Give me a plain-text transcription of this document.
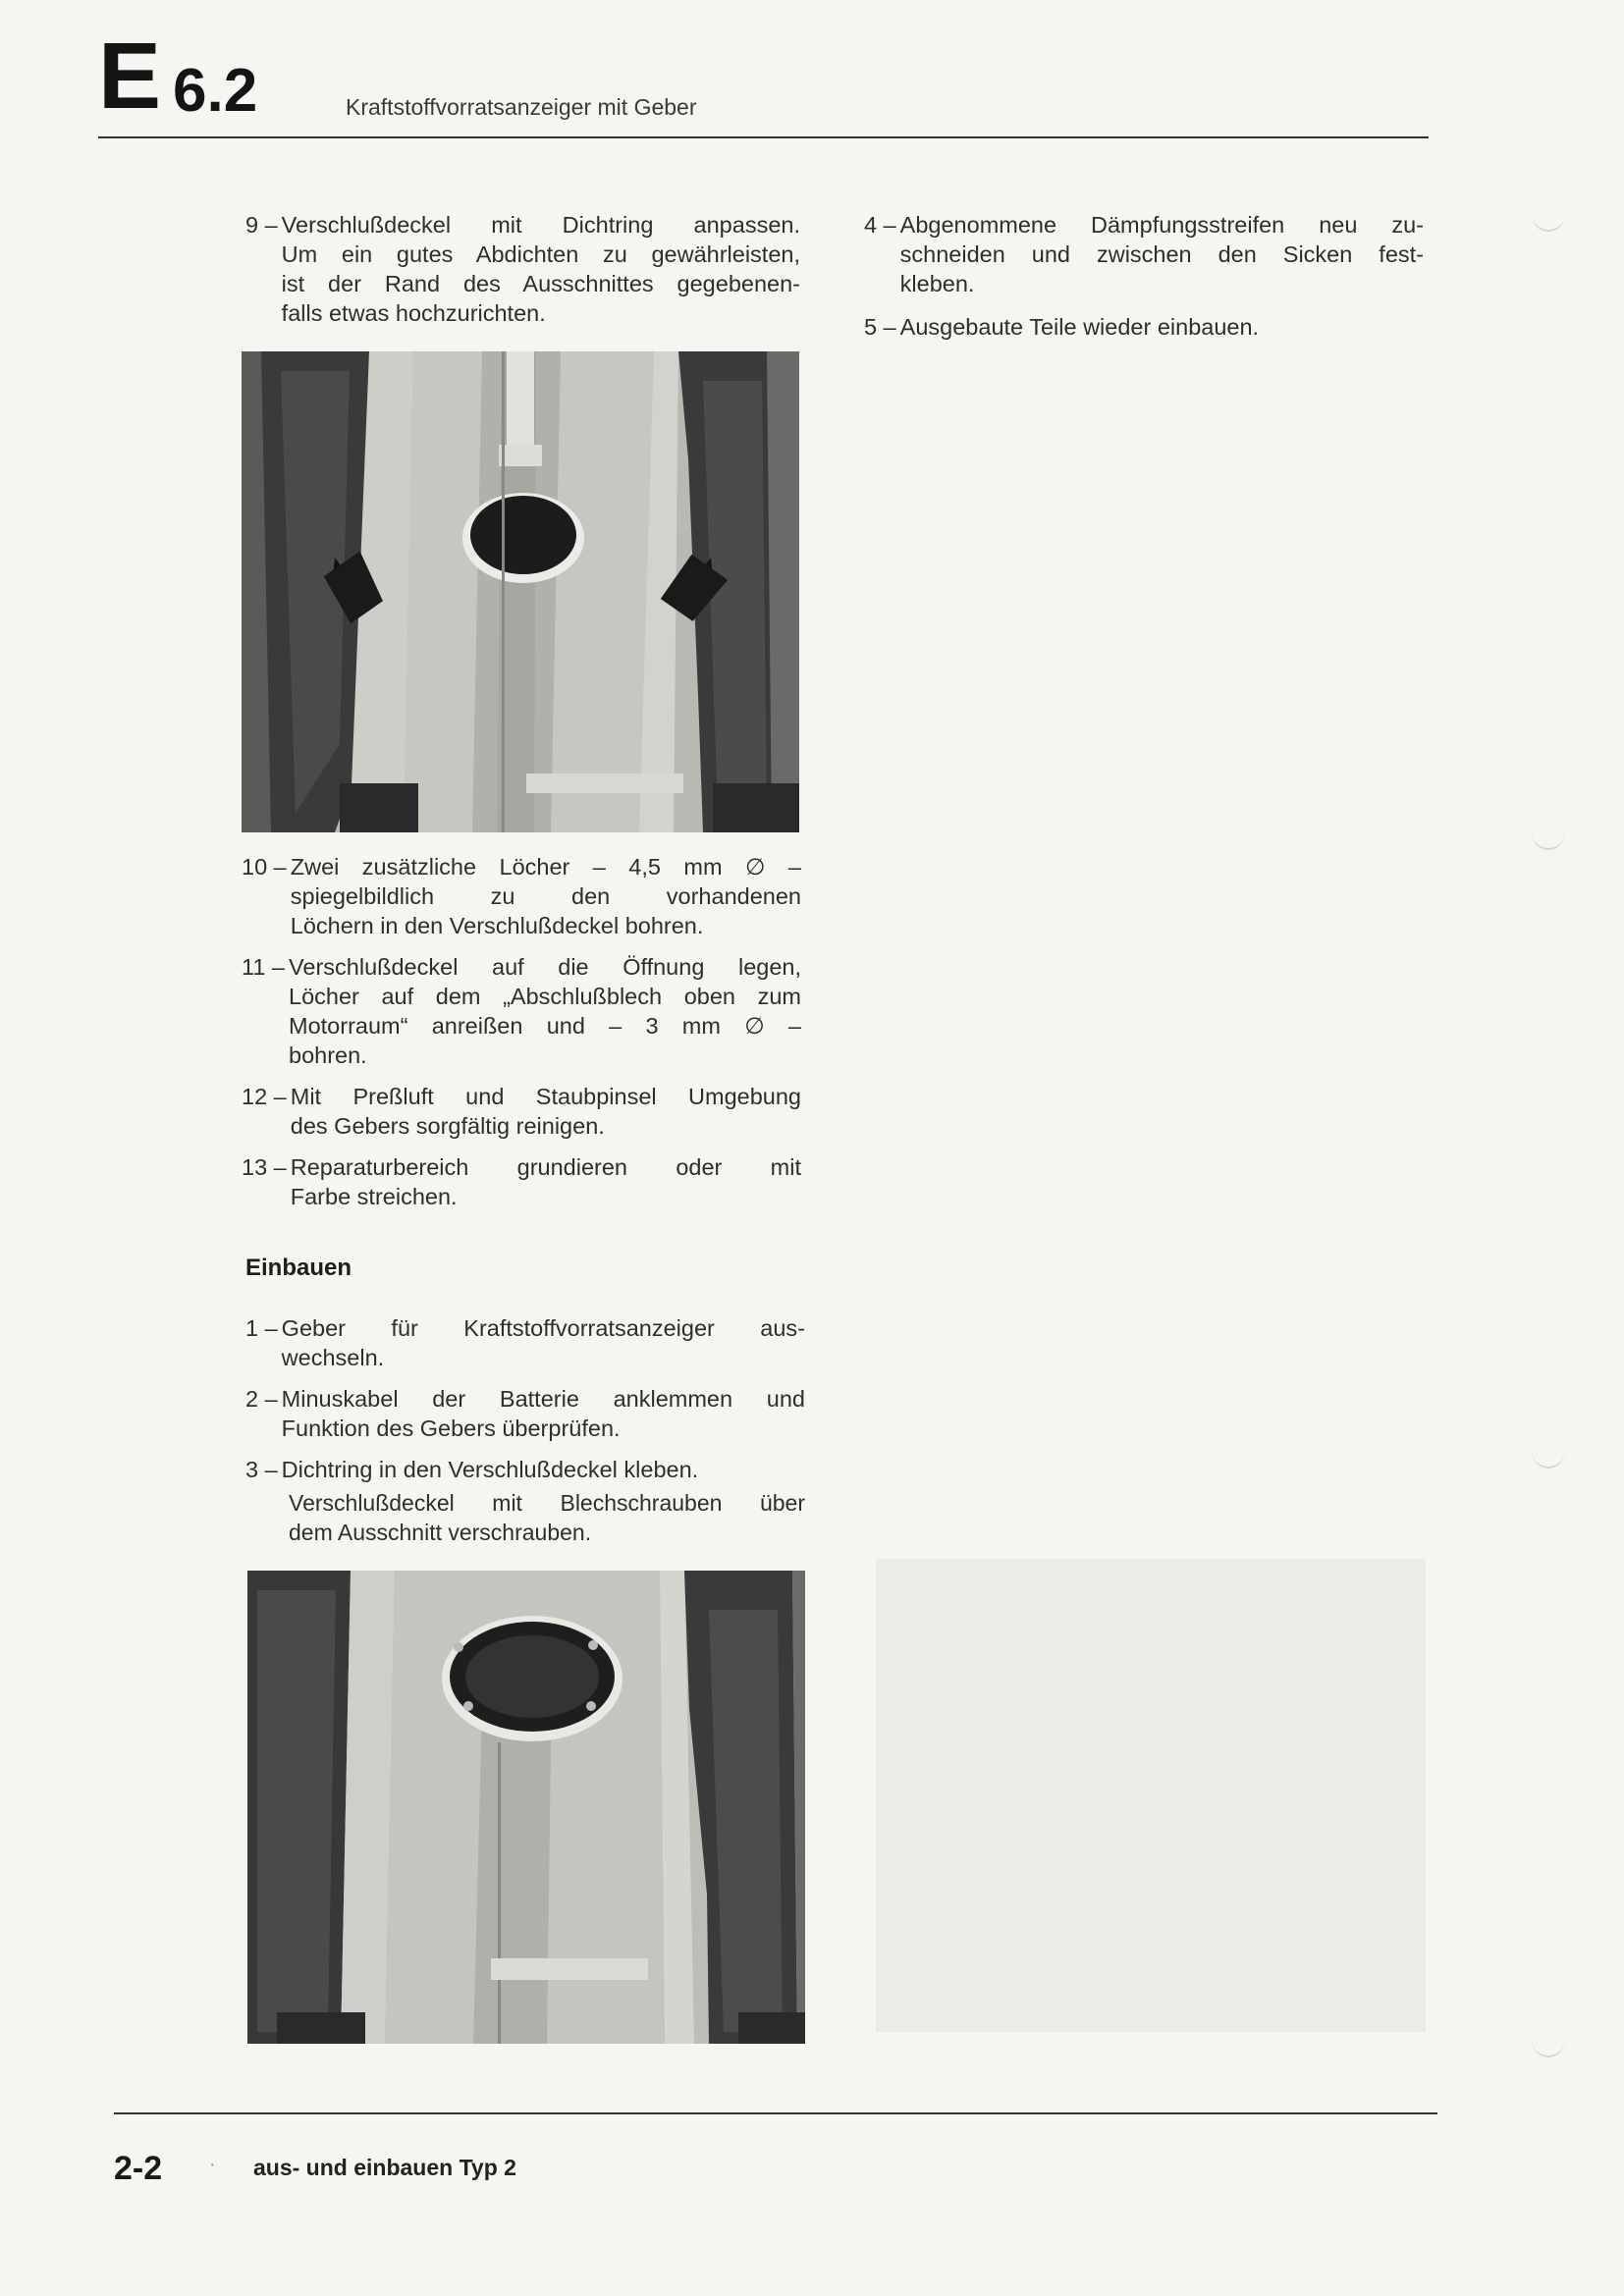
E 6.2	Kraftstoffvorratsanzeiger mit Geber
9 – Verschlußdeckel mit Dichtring anpassen.
Um ein gutes Abdichten zu gewährleisten,
ist der Rand des Ausschnittes gegebenen-
falls etwas hochzurichten.
10 – Zwei zusätzliche Löcher – 4,5 mm ∅ –
spiegelbildlich zu den vorhandenen
Löchern in den Verschlußdeckel bohren.
11 – Verschlußdeckel auf die Öffnung legen,
Löcher auf dem „Abschlußblech oben zum
Motorraum“ anreißen und – 3 mm ∅ –
bohren.
12 – Mit Preßluft und Staubpinsel Umgebung
des Gebers sorgfältig reinigen.
13 – Reparaturbereich grundieren oder mit
Farbe streichen.
Einbauen
1 – Geber für Kraftstoffvorratsanzeiger aus-
wechseln.
2 – Minuskabel der Batterie anklemmen und
Funktion des Gebers überprüfen.
3 – Dichtring in den Verschlußdeckel kleben.
Verschlußdeckel mit Blechschrauben über
dem Ausschnitt verschrauben.
4 – Abgenommene Dämpfungsstreifen neu zu-
schneiden und zwischen den Sicken fest-
kleben.
5 – Ausgebaute Teile wieder einbauen.
2-2 · aus- und einbauen Typ 2
